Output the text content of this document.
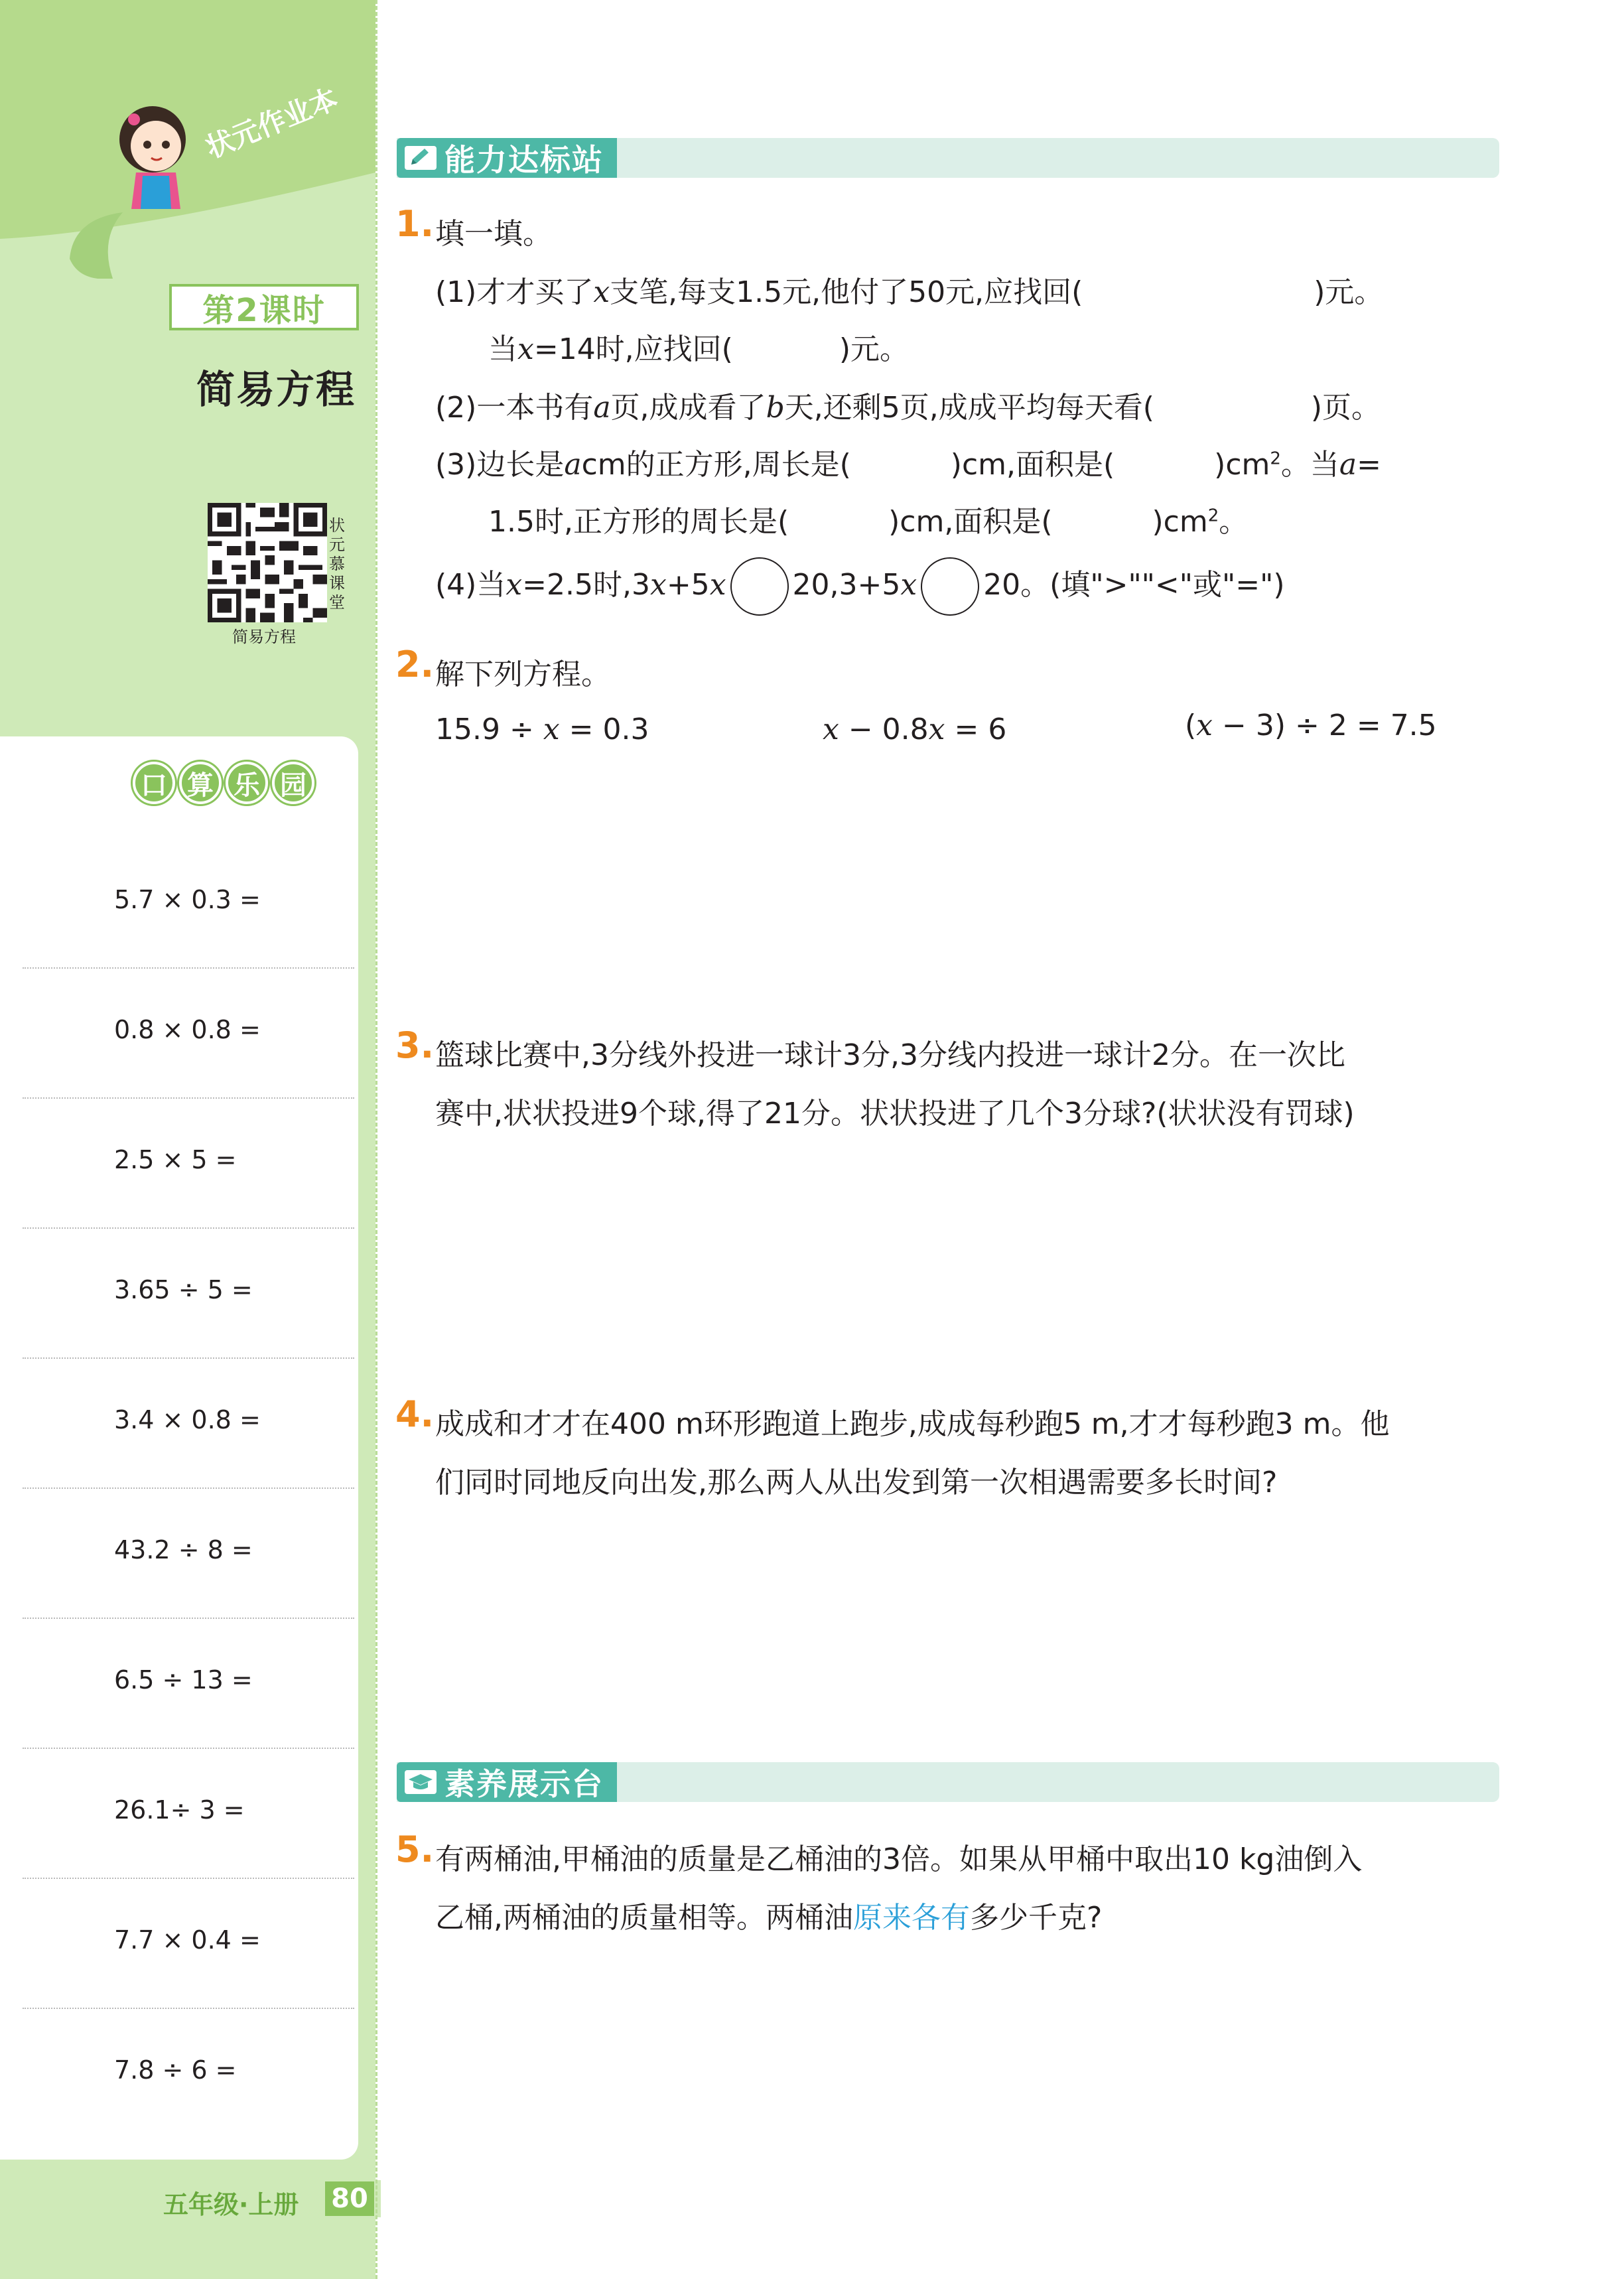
状元作业本
第2课时
简易方程
状元慕课堂
简易方程
口 算 乐 园
5.7 × 0.3 =
0.8 × 0.8 =
2.5 × 5 =
3.65 ÷ 5 =
3.4 × 0.8 =
43.2 ÷ 8 =
6.5 ÷ 13 =
26.1÷ 3 =
7.7 × 0.4 =
7.8 ÷ 6 =
五年级·上册 80
能力达标站
1. 填一填。
(1)才才买了x支笔,每支1.5元,他付了50元,应找回(	)元。
当x=14时,应找回(	)元。
(2)一本书有a页,成成看了b天,还剩5页,成成平均每天看(	)页。
(3)边长是acm的正方形,周长是(	)cm,面积是(	)$cm^2$。当a=
1.5时,正方形的周长是(	)cm,面积是(	)$cm^2$。
(4)当x=2.5时,3x+5x 20,3+5x 20。(填">""<"或"=")
2. 解下列方程。
15.9 ÷ x = 0.3	x − 0.8x = 6	(x − 3) ÷ 2 = 7.5
3. 篮球比赛中,3分线外投进一球计3分,3分线内投进一球计2分。在一次比
赛中,状状投进9个球,得了21分。状状投进了几个3分球?(状状没有罚球)
4. 成成和才才在400 m环形跑道上跑步,成成每秒跑5 m,才才每秒跑3 m。他
们同时同地反向出发,那么两人从出发到第一次相遇需要多长时间?
素养展示台
5. 有两桶油,甲桶油的质量是乙桶油的3倍。如果从甲桶中取出10 kg油倒入
乙桶,两桶油的质量相等。两桶油原来各有多少千克?
